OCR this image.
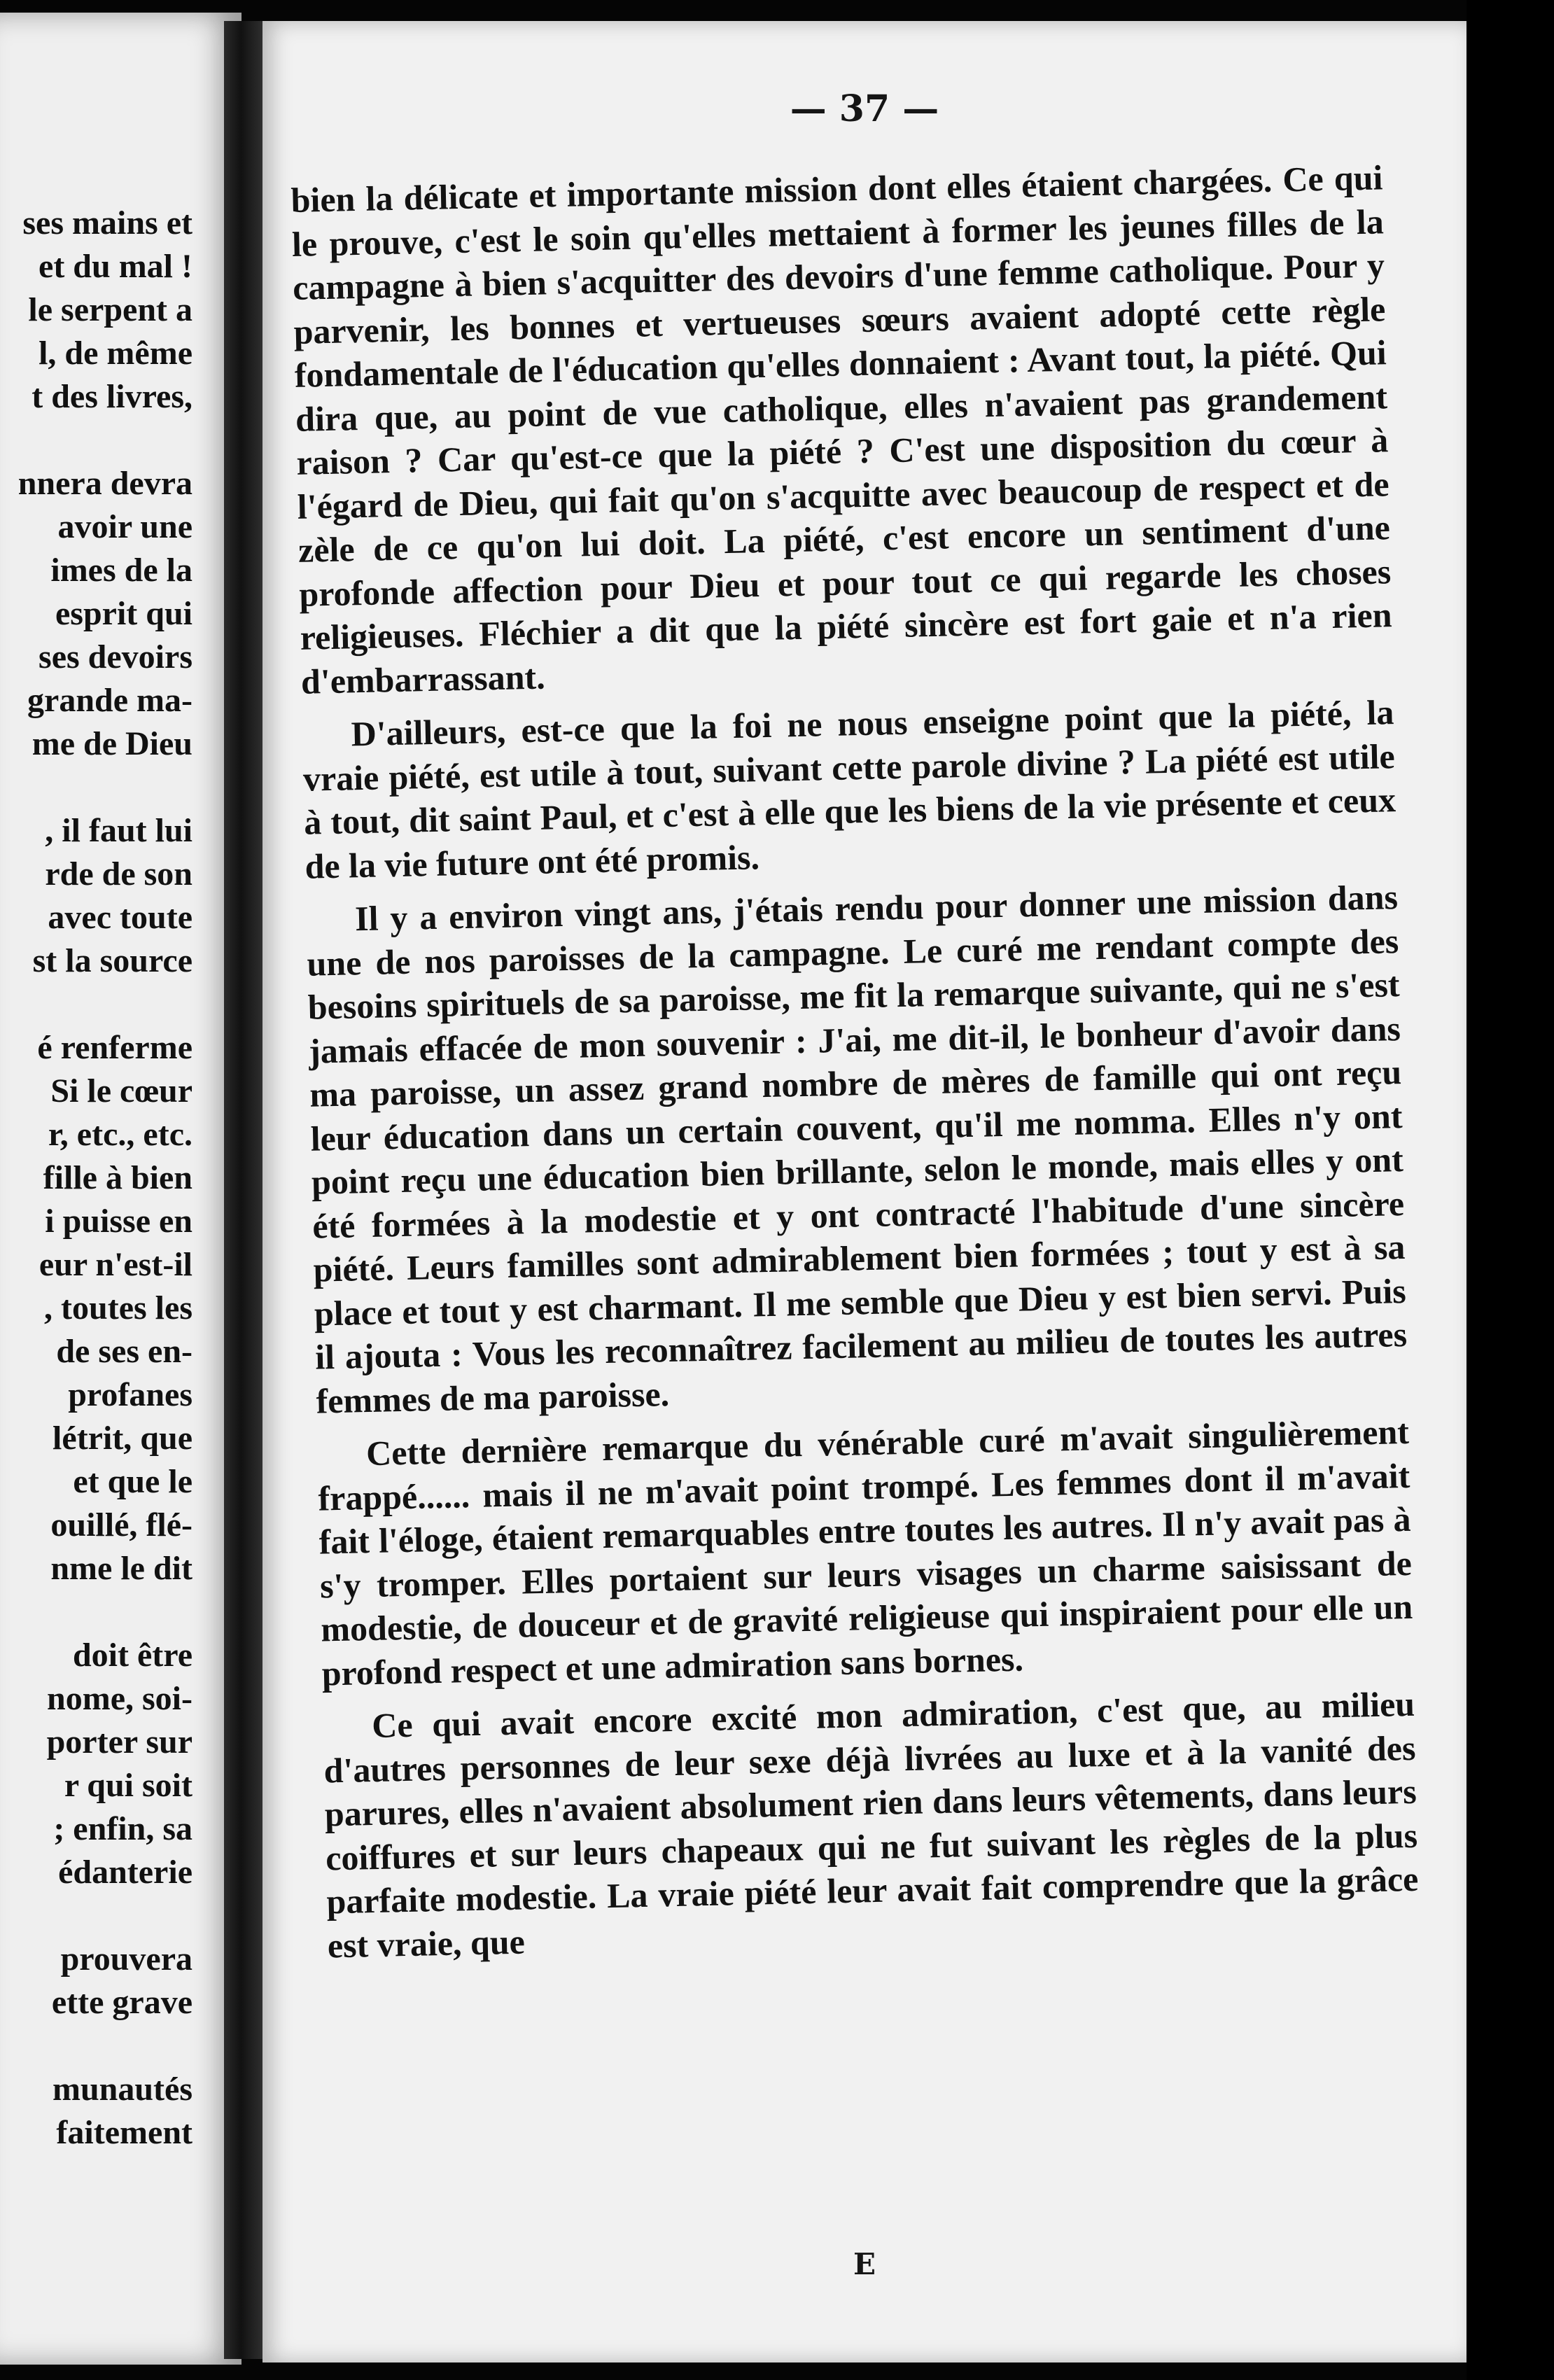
ses mains et
et du mal !
le serpent a
l, de même
t des livres,
nnera devra
avoir une
imes de la
esprit qui
ses devoirs
grande ma-
me de Dieu
, il faut lui
rde de son
avec toute
st la source
é renferme
Si le cœur
r, etc., etc.
fille à bien
i puisse en
eur n'est-il
, toutes les
de ses en-
profanes
létrit, que
et que le
ouillé, flé-
nme le dit
doit être
nome, soi-
porter sur
r qui soit
; enfin, sa
édanterie
prouvera
ette grave
munautés
faitement
— 37 —

bien la délicate et importante mission dont elles étaient chargées. Ce qui le prouve, c'est le soin qu'elles mettaient à former les jeunes filles de la campagne à bien s'acquitter des devoirs d'une femme catholique. Pour y parvenir, les bonnes et vertueuses sœurs avaient adopté cette règle fondamentale de l'éducation qu'elles donnaient : Avant tout, la piété. Qui dira que, au point de vue catholique, elles n'avaient pas grandement raison ? Car qu'est-ce que la piété ? C'est une disposition du cœur à l'égard de Dieu, qui fait qu'on s'acquitte avec beaucoup de respect et de zèle de ce qu'on lui doit. La piété, c'est encore un sentiment d'une profonde affection pour Dieu et pour tout ce qui regarde les choses religieuses. Fléchier a dit que la piété sincère est fort gaie et n'a rien d'embarrassant.

D'ailleurs, est-ce que la foi ne nous enseigne point que la piété, la vraie piété, est utile à tout, suivant cette parole divine ? La piété est utile à tout, dit saint Paul, et c'est à elle que les biens de la vie présente et ceux de la vie future ont été promis.

Il y a environ vingt ans, j'étais rendu pour donner une mission dans une de nos paroisses de la campagne. Le curé me rendant compte des besoins spirituels de sa paroisse, me fit la remarque suivante, qui ne s'est jamais effacée de mon souvenir : J'ai, me dit-il, le bonheur d'avoir dans ma paroisse, un assez grand nombre de mères de famille qui ont reçu leur éducation dans un certain couvent, qu'il me nomma. Elles n'y ont point reçu une éducation bien brillante, selon le monde, mais elles y ont été formées à la modestie et y ont contracté l'habitude d'une sincère piété. Leurs familles sont admirablement bien formées ; tout y est à sa place et tout y est charmant. Il me semble que Dieu y est bien servi. Puis il ajouta : Vous les reconnaîtrez facilement au milieu de toutes les autres femmes de ma paroisse.

Cette dernière remarque du vénérable curé m'avait singulièrement frappé...... mais il ne m'avait point trompé. Les femmes dont il m'avait fait l'éloge, étaient remarquables entre toutes les autres. Il n'y avait pas à s'y tromper. Elles portaient sur leurs visages un charme saisissant de modestie, de douceur et de gravité religieuse qui inspiraient pour elle un profond respect et une admiration sans bornes.

Ce qui avait encore excité mon admiration, c'est que, au milieu d'autres personnes de leur sexe déjà livrées au luxe et à la vanité des parures, elles n'avaient absolument rien dans leurs vêtements, dans leurs coiffures et sur leurs chapeaux qui ne fut suivant les règles de la plus parfaite modestie. La vraie piété leur avait fait comprendre que la grâce est vraie, que

E
